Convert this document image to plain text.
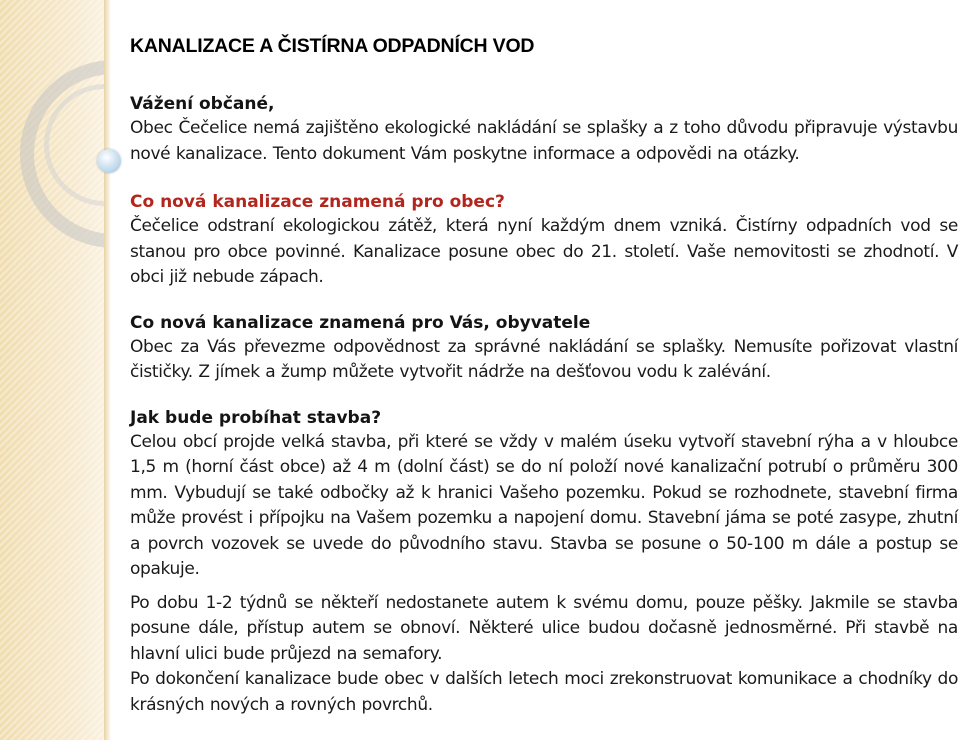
KANALIZACE A ČISTÍRNA ODPADNÍCH VOD
Vážení občané,

Obec Čečelice nemá zajištěno ekologické nakládání se splašky a z toho důvodu připravuje výstavbu nové kanalizace. Tento dokument Vám poskytne informace a odpovědi na otázky.

Co nová kanalizace znamená pro obec?

Čečelice odstraní ekologickou zátěž, která nyní každým dnem vzniká. Čistírny odpadních vod se stanou pro obce povinné. Kanalizace posune obec do 21. století. Vaše nemovitosti se zhodnotí. V obci již nebude zápach.

Co nová kanalizace znamená pro Vás, obyvatele

Obec za Vás převezme odpovědnost za správné nakládání se splašky. Nemusíte pořizovat vlastní čističky. Z jímek a žump můžete vytvořit nádrže na dešťovou vodu k zalévání.

Jak bude probíhat stavba?

Celou obcí projde velká stavba, při které se vždy v malém úseku vytvoří stavební rýha a v hloubce 1,5 m (horní část obce) až 4 m (dolní část) se do ní položí nové kanalizační potrubí o průměru 300 mm. Vybudují se také odbočky až k hranici Vašeho pozemku. Pokud se rozhodnete, stavební firma může provést i přípojku na Vašem pozemku a napojení domu. Stavební jáma se poté zasype, zhutní a povrch vozovek se uvede do původního stavu. Stavba se posune o 50-100 m dále a postup se opakuje.

Po dobu 1-2 týdnů se někteří nedostanete autem k svému domu, pouze pěšky. Jakmile se stavba posune dále, přístup autem se obnoví. Některé ulice budou dočasně jednosměrné. Při stavbě na hlavní ulici bude průjezd na semafory.

Po dokončení kanalizace bude obec v dalších letech moci zrekonstruovat komunikace a chodníky do krásných nových a rovných povrchů.
